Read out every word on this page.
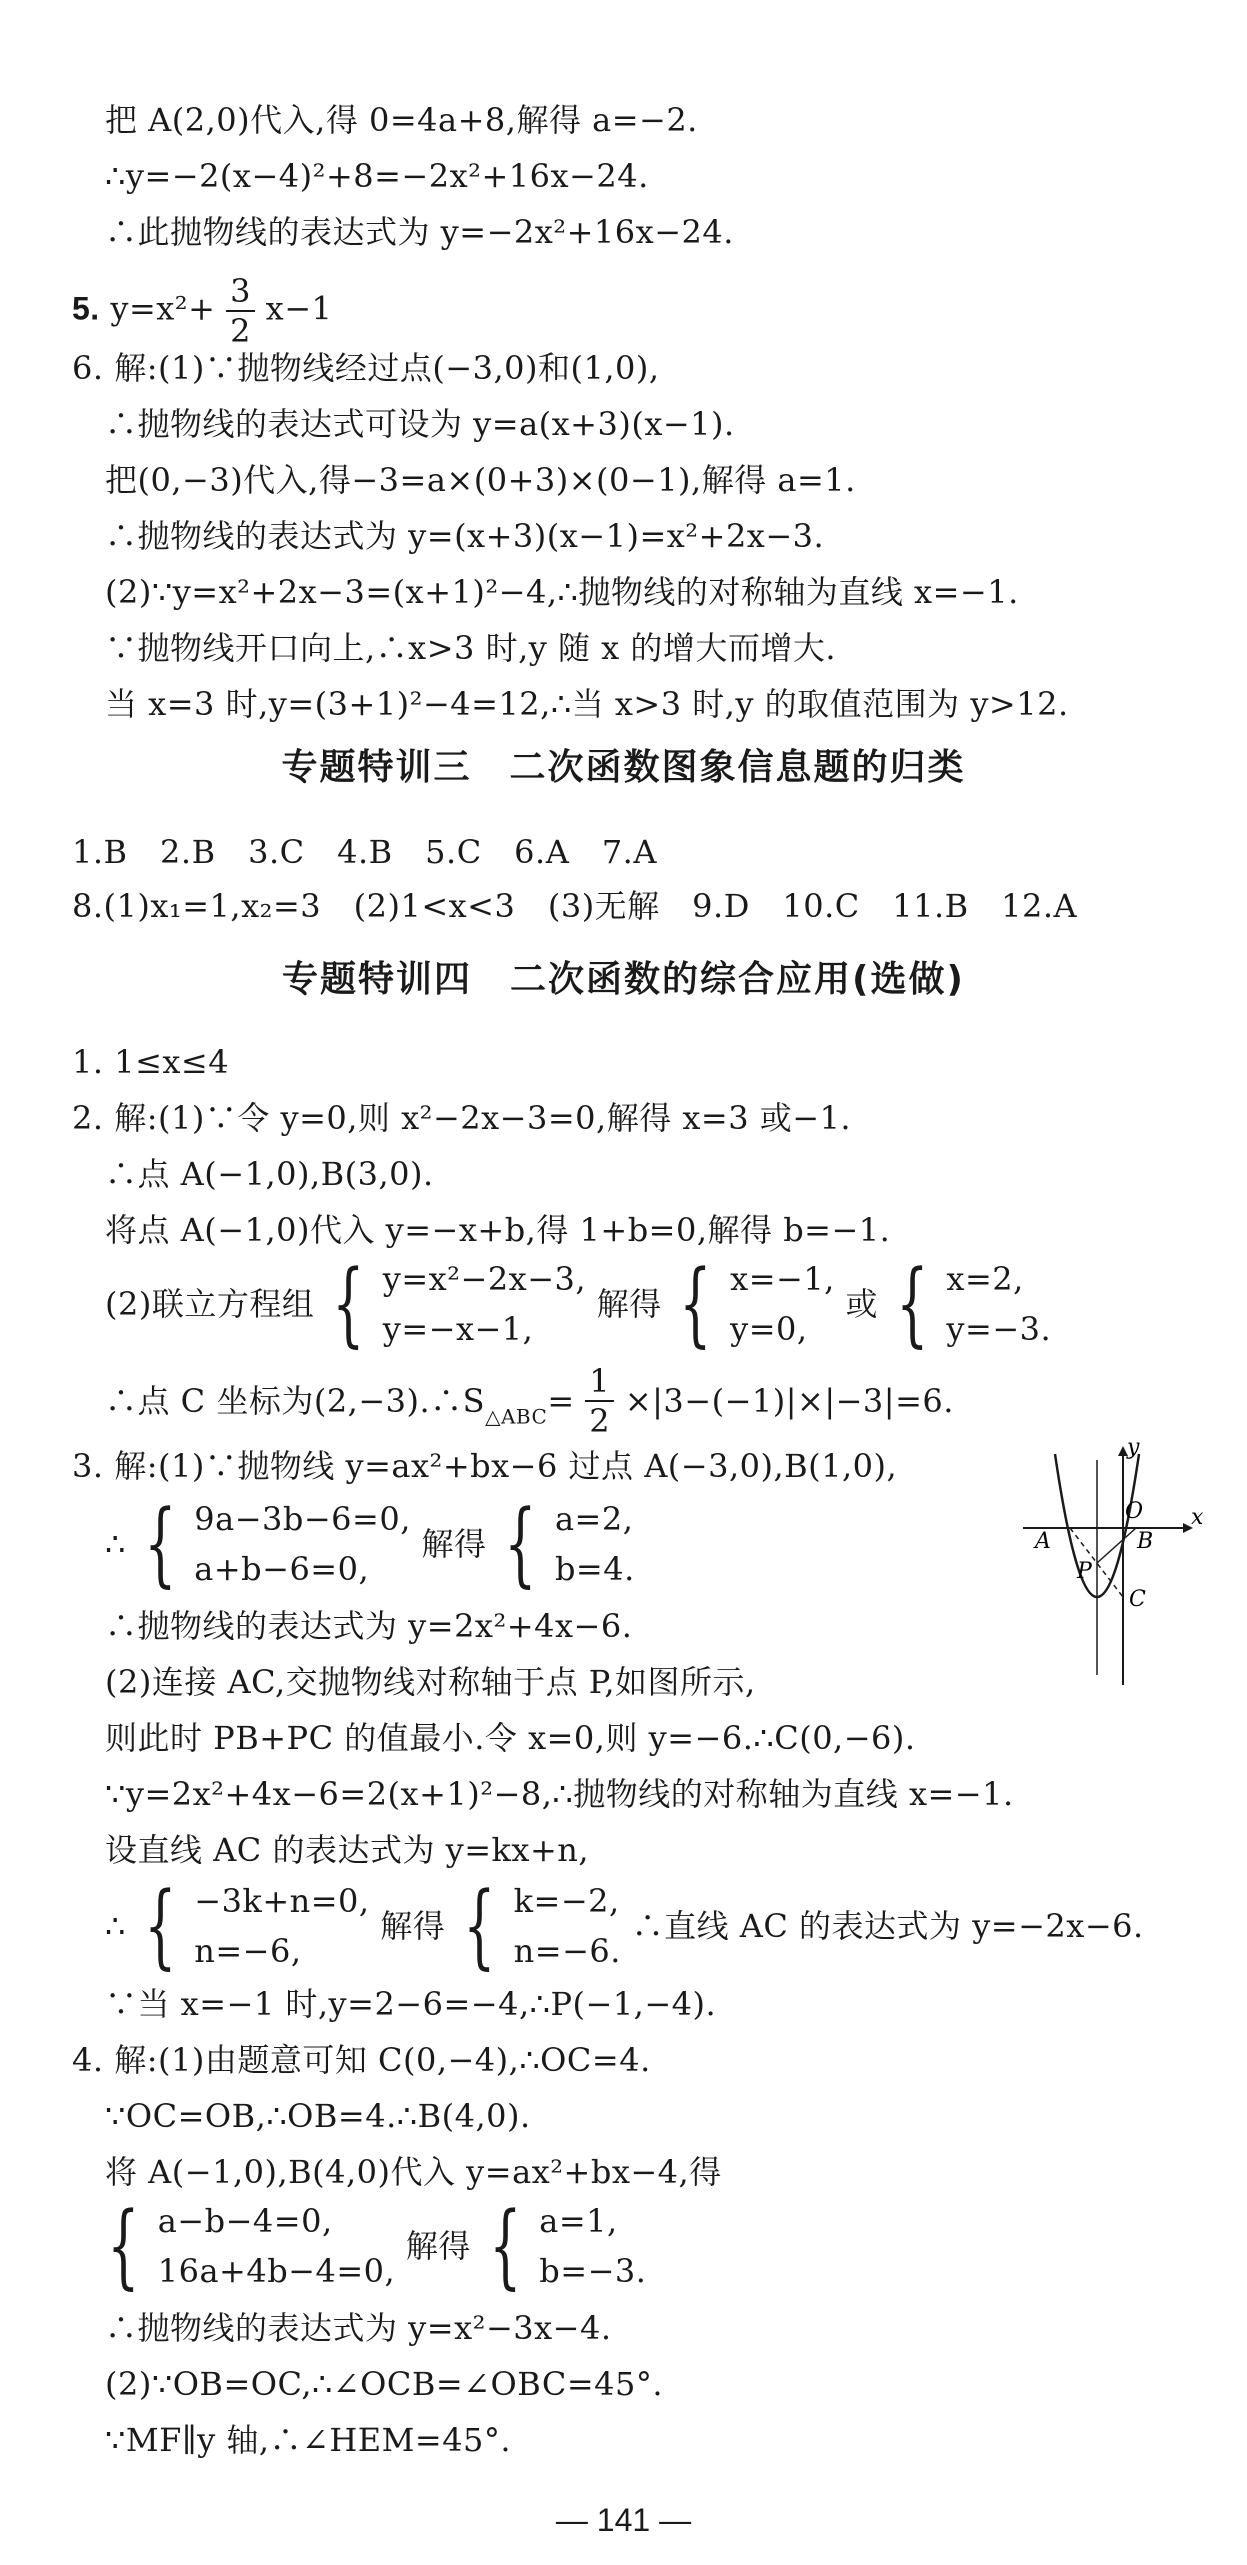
把 A(2,0)代入,得 0=4a+8,解得 a=−2.
∴y=−2(x−4)²+8=−2x²+16x−24.
∴此抛物线的表达式为 y=−2x²+16x−24.
5. $y=x^2+ \frac{3}{2} x-1$
6. 解:(1)∵抛物线经过点(−3,0)和(1,0),
∴抛物线的表达式可设为 y=a(x+3)(x−1).
把(0,−3)代入,得−3=a×(0+3)×(0−1),解得 a=1.
∴抛物线的表达式为 y=(x+3)(x−1)=x²+2x−3.
(2)∵y=x²+2x−3=(x+1)²−4,∴抛物线的对称轴为直线 x=−1.
∵抛物线开口向上,∴x>3 时,y 随 x 的增大而增大.
当 x=3 时,y=(3+1)²−4=12,∴当 x>3 时,y 的取值范围为 y>12.
专题特训三　二次函数图象信息题的归类
1.B　2.B　3.C　4.B　5.C　6.A　7.A
8.(1)x₁=1,x₂=3　(2)1<x<3　(3)无解　9.D　10.C　11.B　12.A
专题特训四　二次函数的综合应用(选做)
1. 1≤x≤4
2. 解:(1)∵令 y=0,则 x²−2x−3=0,解得 x=3 或−1.
∴点 A(−1,0),B(3,0).
将点 A(−1,0)代入 y=−x+b,得 1+b=0,解得 b=−1.
(2)联立方程组 { y=x²−2x−3,
y=−x−1,
解得 { x=−1,
y=0,
或 { x=2,
y=−3.
∴点 C 坐标为$(2,-3).\therefore S_{\triangle ABC}= \frac{1}{2} \times|3-(-1)|\times|-3|=6$.
3. 解:(1)∵抛物线 y=ax²+bx−6 过点 A(−3,0),B(1,0),
∴ { 9a−3b−6=0,
a+b−6=0,
解得 { a=2,
b=4.
∴抛物线的表达式为 y=2x²+4x−6.
(2)连接 AC,交抛物线对称轴于点 P,如图所示,
则此时 PB+PC 的值最小.令 x=0,则 y=−6.∴C(0,−6).
∵y=2x²+4x−6=2(x+1)²−8,∴抛物线的对称轴为直线 x=−1.
设直线 AC 的表达式为 y=kx+n,
∴ { −3k+n=0,
n=−6,
解得 { k=−2,
n=−6.
∴直线 AC 的表达式为 y=−2x−6.
∵当 x=−1 时,y=2−6=−4,∴P(−1,−4).
y
x
O
A	B
P
C
4. 解:(1)由题意可知 C(0,−4),∴OC=4.
∵OC=OB,∴OB=4.∴B(4,0).
将 A(−1,0),B(4,0)代入 y=ax²+bx−4,得
{ a−b−4=0,
16a+4b−4=0,
解得 { a=1,
b=−3.
∴抛物线的表达式为 y=x²−3x−4.
(2)∵OB=OC,∴∠OCB=∠OBC=45°.
∵MF∥y 轴,∴∠HEM=45°.
— 141 —
